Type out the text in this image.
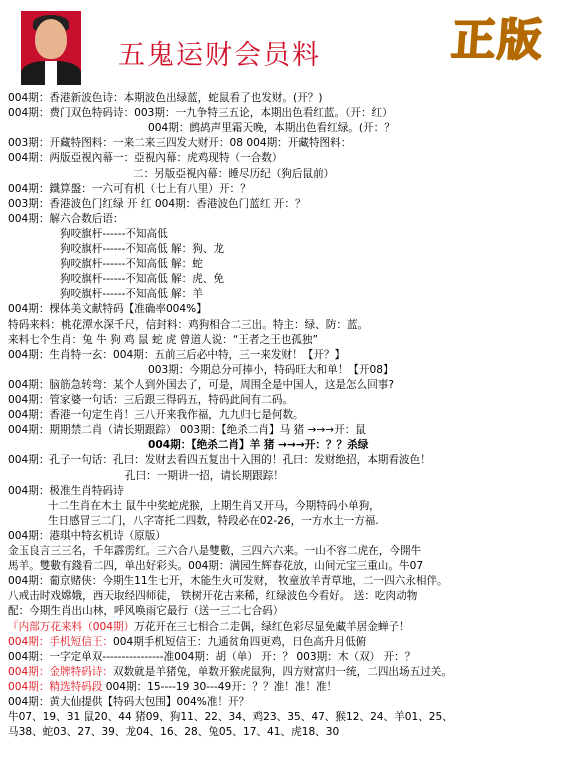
五鬼运财会员料	正版
004期：香港新波色诗：本期波色出绿蓝，蛇鼠看了也发财。(开？)
004期：费门双色特码诗：003期：一九争特三五论，本期出色看红蓝。（开：红）
004期：鹧鸪声里霜天晚，本期出色看红绿。(开：？
003期：开藏特图料：一来二来三四发大财开：08 004期：开藏特图料：
004期：两版亞視內幕一：亞視內幕：虎鸡现特（一合数）
二：另版亞視內幕：睡尽历纪（狗后鼠前）
004期：鐵算盤：一六可有机（七上有八里）开：？
003期：香港波色门红绿 开 红 004期：香港波色门蓝红 开：？
004期：解六合数后语：
狗咬旗杆------不知高低
狗咬旗杆------不知高低 解：狗、龙
狗咬旗杆------不知高低 解：蛇
狗咬旗杆------不知高低 解：虎、免
狗咬旗杆------不知高低 解：羊
004期：棵体美文献特码【准确率004%】
特码来料：桃花潭水深千尺，信封料：鸡狗相合二三出。特主：绿、防：蓝。
来料七个生肖：兔 牛 狗 鸡 鼠 蛇 虎 曾道人说：“王者之王也孤独”
004期：生肖特一玄：004期：五前三后必中特，三一来发财！【开？】
003期：今期总分可捧小，特码旺大和单！【开08】
004期：脑筋急转弯：某个人到外国去了，可是，周围全是中国人，这是怎么回事?
004期：管家婆一句话：三后跟三得码五，特码此间有二码。
004期：香港一句定生肖！三八开来我作福，九九归七是何数。
004期：期期禁二肖（请长期跟踪） 003期：【绝杀二肖】马 猪 →→→开：鼠
004期：【绝杀二肖】羊 猪 →→→开：？？杀绿
004期：孔子一句话：孔曰：发财去看四五复出十入围的！孔曰：发财绝招，本期看波色！
孔曰：一期讲一招，请长期跟踪！
004期：极准生肖特码诗
十二生肖在木土 鼠牛中奖蛇虎猴，上期生肖又开马，今期特码小单狗，
生日感冒三二门，八字寄托二四数，特段必在02-26，一方水土一方福.
004期：港琪中特玄机诗（原版）
金玉良言三三名，千年霹雳红。三六合八是雙數，三四六六来。一山不容二虎在，今開牛
馬羊。雙數有錢看二四，单出好彩头。004期：满园生辉春花放，山间元宝三重山。牛07
004期：葡京赌侠：今期生11生七开，木能生火可发财， 牧童放羊青草地，二一四六永相伴。
八戒击时戏嫦娥，西天取经四师徒， 铁树开花古来稀，红绿波色今看好。 送：吃肉动物
配：今期生肖出山林，呼风唤雨它最行（送一三二七合码）
『内部万花来料（004期）万花开在三七相合二走偶，绿红色彩尽显免藏羊居金蝉子！
004期：手机短信王：004期手机短信王：九通贫角四更鸡，日色高升月低俯
004期：一字定单双----------------准004期：胡（单） 开：？ 003期：木（双） 开：？
004期：金牌特码诗：双数就是羊猪兔，单数开猴虎鼠狗，四方财富归一统，二四出场五过关。
004期：精选特码段 004期：15----19 30---49开：？？准！准！准！
004期：黄大仙提供【特码大包围】004%准！开？
牛07、19、31 鼠20、44 猪09、狗11、22、34、鸡23、35、47、猴12、24、羊01、25、
马38、蛇03、27、39、龙04、16、28、兔05、17、41、虎18、30
